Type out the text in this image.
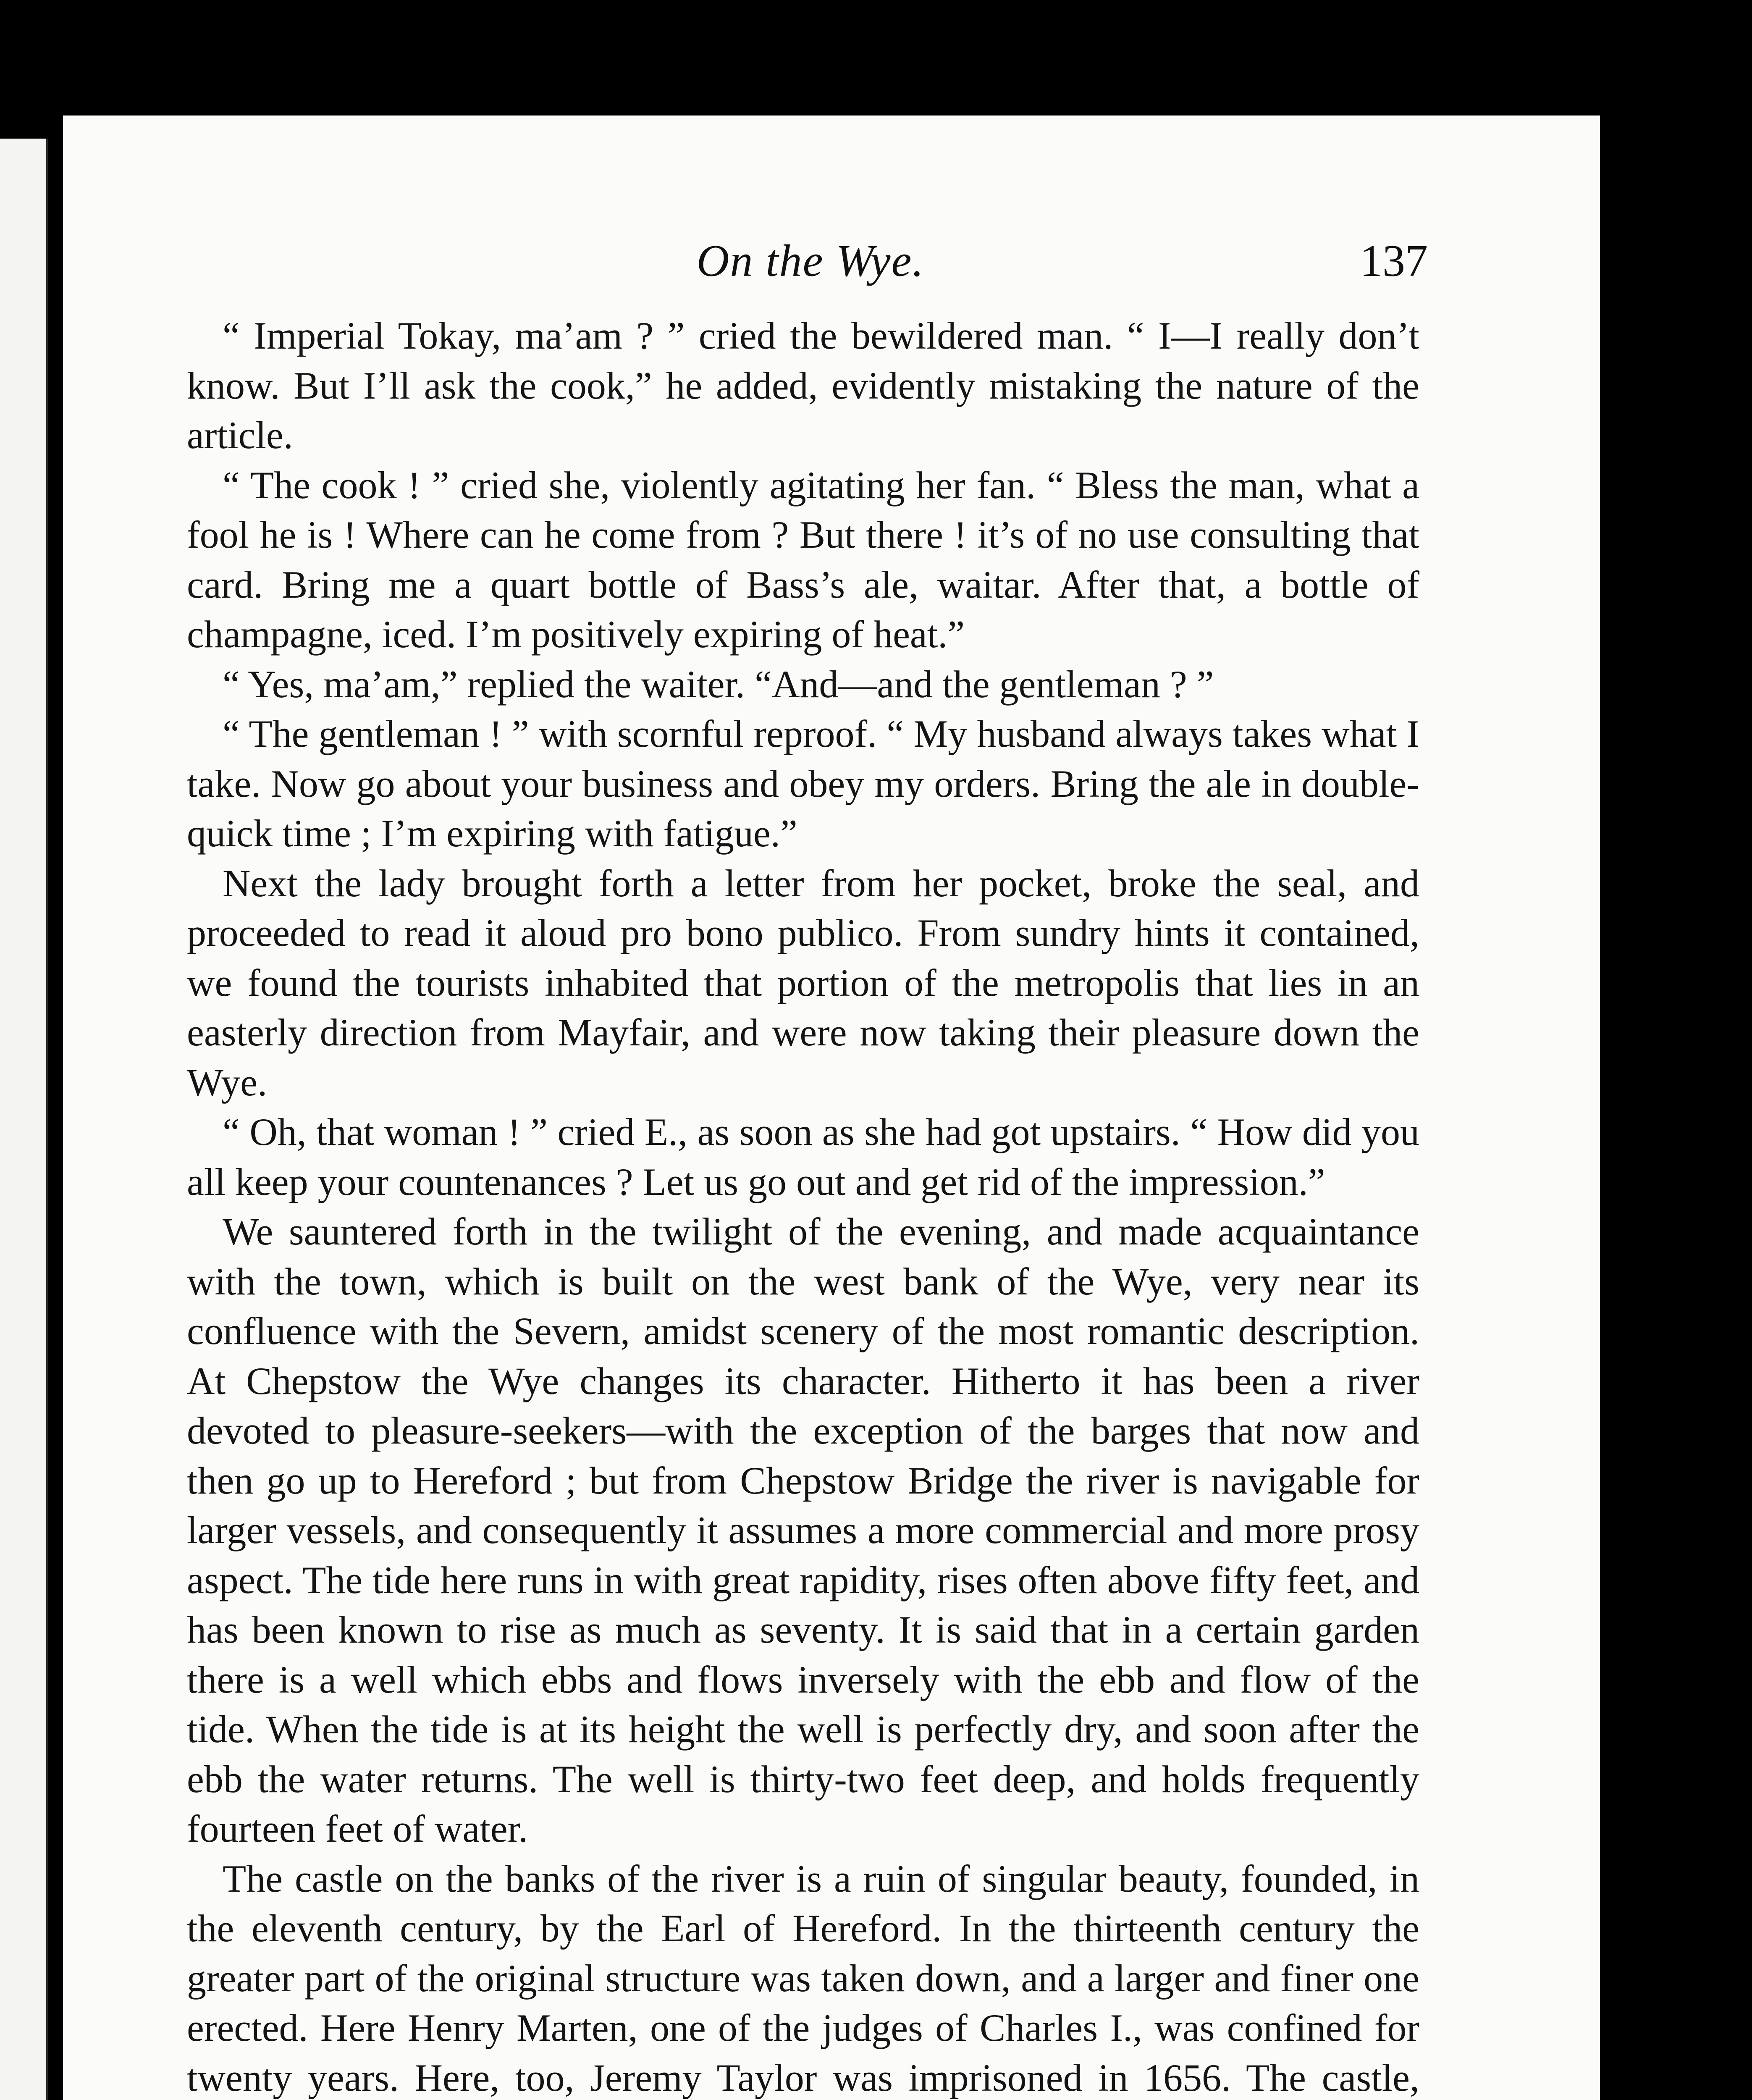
On the Wye.	137

“ Imperial Tokay, ma’am ? ” cried the bewildered man. “ I—I really don’t know. But I’ll ask the cook,” he added, evidently mistaking the nature of the article.

“ The cook ! ” cried she, violently agitating her fan. “ Bless the man, what a fool he is ! Where can he come from ? But there ! it’s of no use consulting that card. Bring me a quart bottle of Bass’s ale, waitar. After that, a bottle of champagne, iced. I’m positively expiring of heat.”

“ Yes, ma’am,” replied the waiter. “And—and the gentleman ? ”

“ The gentleman ! ” with scornful reproof. “ My husband always takes what I take. Now go about your business and obey my orders. Bring the ale in double-quick time ; I’m expiring with fatigue.”

Next the lady brought forth a letter from her pocket, broke the seal, and proceeded to read it aloud pro bono publico. From sundry hints it contained, we found the tourists inhabited that portion of the metropolis that lies in an easterly direction from Mayfair, and were now taking their pleasure down the Wye.

“ Oh, that woman ! ” cried E., as soon as she had got upstairs. “ How did you all keep your countenances ? Let us go out and get rid of the impression.”

We sauntered forth in the twilight of the evening, and made acquaintance with the town, which is built on the west bank of the Wye, very near its confluence with the Severn, amidst scenery of the most romantic description. At Chepstow the Wye changes its character. Hitherto it has been a river devoted to pleasure-seekers—with the exception of the barges that now and then go up to Hereford ; but from Chepstow Bridge the river is navigable for larger vessels, and consequently it assumes a more commercial and more prosy aspect. The tide here runs in with great rapidity, rises often above fifty feet, and has been known to rise as much as seventy. It is said that in a certain garden there is a well which ebbs and flows inversely with the ebb and flow of the tide. When the tide is at its height the well is perfectly dry, and soon after the ebb the water returns. The well is thirty-two feet deep, and holds frequently fourteen feet of water.

The castle on the banks of the river is a ruin of singular beauty, founded, in the eleventh century, by the Earl of Hereford. In the thirteenth century the greater part of the original structure was taken down, and a larger and finer one erected. Here Henry Marten, one of the judges of Charles I., was confined for twenty years. Here, too, Jeremy Taylor was imprisoned in 1656. The castle,
